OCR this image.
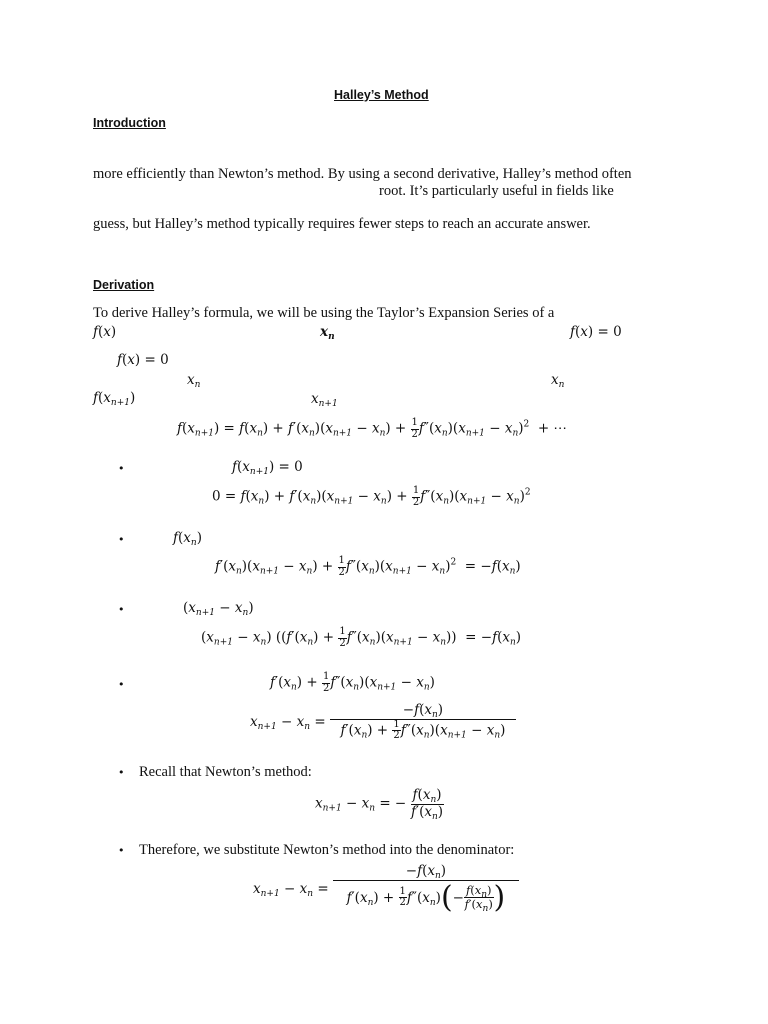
Halley’s Method
Introduction
more efficiently than Newton’s method. By using a second derivative, Halley’s method often
root. It’s particularly useful in fields like
guess, but Halley’s method typically requires fewer steps to reach an accurate answer.
Derivation
To derive Halley’s formula, we will be using the Taylor’s Expansion Series of a
f(x)	$x_n$	f(x) = 0
f(x) = 0
$x_n$	$x_n$
$f(x_{n+1})$	$x_{n+1}$
$f(x_{n+1}) = f(x_n) + f'(x_n)(x_{n+1} - x_n) + \frac{1}{2} f''(x_n)(x_{n+1} - x_n)^2$  + ⋯
•	$f(x_{n+1}) = 0$
$0 = f(x_n) + f'(x_n)(x_{n+1} - x_n) + \frac{1}{2} f''(x_n)(x_{n+1} - x_n)^2$
•	$f(x_n)$
$f'(x_n)(x_{n+1} - x_n) + \frac{1}{2} f''(x_n)(x_{n+1} - x_n)^2 = -f(x_n)$
•	$(x_{n+1} - x_n)$
$(x_{n+1} - x_n) ((f'(x_n) + \frac{1}{2} f''(x_n)(x_{n+1} - x_n)) = -f(x_n)$
•	$f'(x_n) + \frac{1}{2} f''(x_n)(x_{n+1} - x_n)$
$x_{n+1} - x_n = \frac{-f(x_n)}{f'(x_n) + \frac{1}{2} f''(x_n)(x_{n+1} - x_n)}$
• Recall that Newton’s method:
$x_{n+1} - x_n$ = − $\frac{f(x_n)}{f'(x_n)}$
• Therefore, we substitute Newton’s method into the denominator:
$x_{n+1} - x_n = \frac{-f(x_n)}{f'(x_n) + \frac{1}{2} f''(x_n)(- \frac{f(x_n)}{f'(x_n)} )}$
